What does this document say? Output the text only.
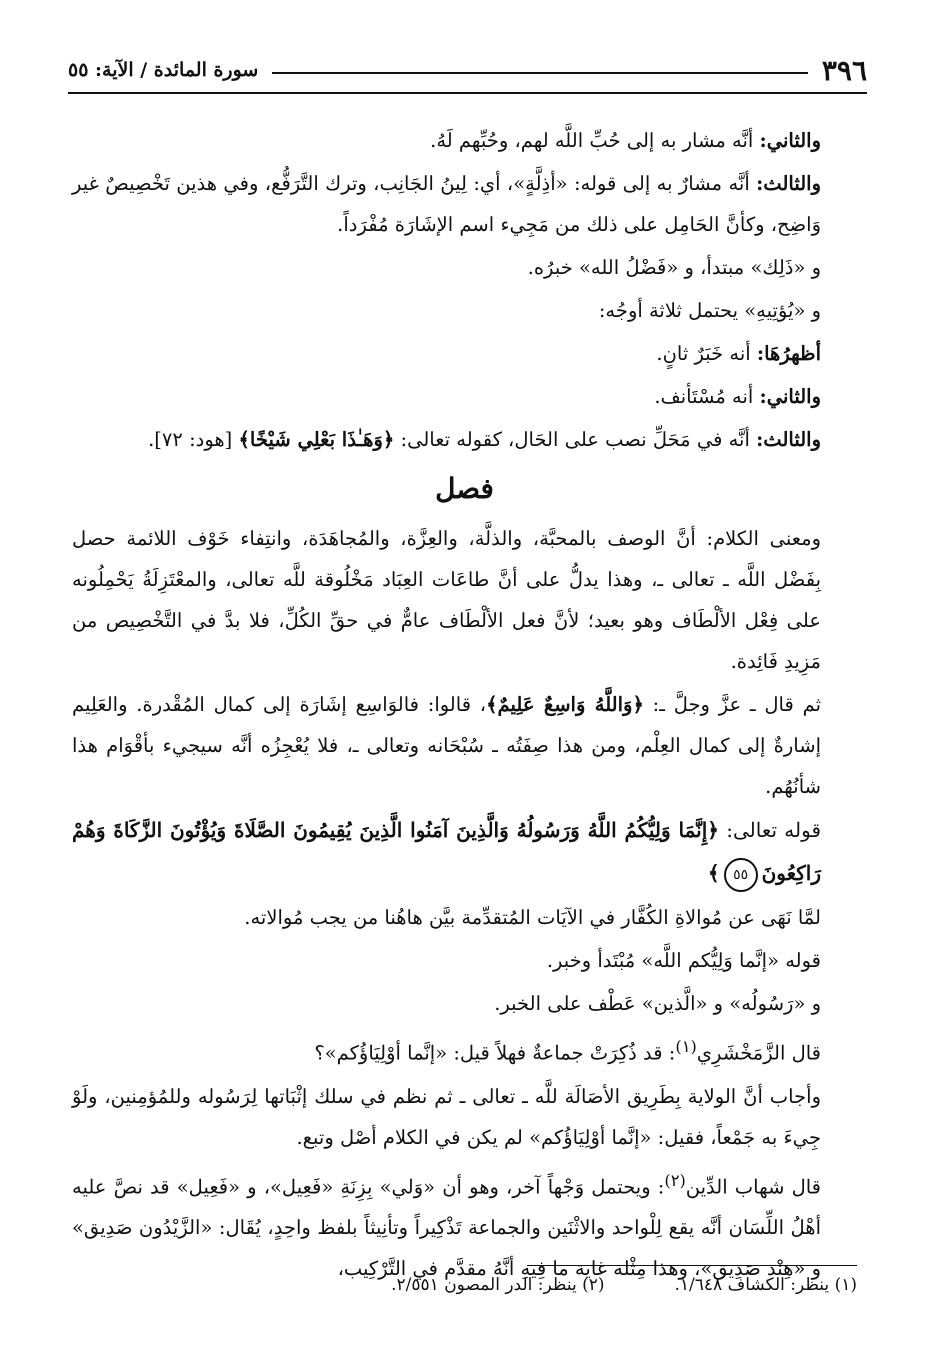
٣٩٦
سورة المائدة / الآية: ٥٥

والثاني: أنَّه مشار به إلى حُبِّ اللَّه لهم، وحُبِّهم لَهُ.

والثالث: أنَّه مشارٌ به إلى قوله: «أذِلَّةٍ»، أي: لِينُ الجَانِب، وترك التَّرَفُّع، وفي هذين تَخْصِيصٌ غير وَاضِح، وكأنَّ الحَامِل على ذلك من مَجِيء اسم الإشَارَة مُفْرَداً.

و «ذَلِك» مبتدأ، و «فَضْلُ الله» خبرُه.

و «يُؤتِيهِ» يحتمل ثلاثة أوجُه:

أظهرُهَا: أنه خَبَرٌ ثانٍ.

والثاني: أنه مُسْتَأنف.

والثالث: أنَّه في مَحَلِّ نصب على الحَال، كقوله تعالى: ﴿وَهَـٰذَا بَعْلِي شَيْخًا﴾ [هود: ٧٢].

فصل

ومعنى الكلام: أنَّ الوصف بالمحبَّة، والذلَّة، والعِزَّة، والمُجاهَدَة، وانتِفاء خَوْف اللائمة حصل بِفَضْل اللَّه ـ تعالى ـ، وهذا يدلُّ على أنَّ طاعَات العِبَاد مَخْلُوقة للَّه تعالى، والمعْتَزِلَةُ يَحْمِلُونه على فِعْل الألْطَاف وهو بعيد؛ لأنَّ فعل الألْطَاف عامٌّ في حقِّ الكُلِّ، فلا بدَّ في التَّخْصِيص من مَزِيدِ فَائِدة.

ثم قال ـ عزَّ وجلَّ ـ: ﴿وَاللَّهُ وَاسِعٌ عَلِيمٌ﴾، قالوا: فالوَاسِع إشَارَة إلى كمال المُقْدرة. والعَلِيم إشارةٌ إلى كمال العِلْم، ومن هذا صِفَتُه ـ سُبْحَانه وتعالى ـ، فلا يُعْجِزُه أنَّه سيجيء بأقْوَام هذا شأنُهُم.

قوله تعالى: ﴿إِنَّمَا وَلِيُّكُمُ اللَّهُ وَرَسُولُهُ وَالَّذِينَ آمَنُوا الَّذِينَ يُقِيمُونَ الصَّلَاةَ وَيُؤْتُونَ الزَّكَاةَ وَهُمْ رَاكِعُونَ٥٥﴾

لمَّا نَهَى عن مُوالاةِ الكُفَّار في الآيَات المُتقدِّمة بيَّن هاهُنا من يجب مُوالاته.

قوله «إنَّما وَلِيُّكم اللَّه» مُبْتَدأ وخبر.

و «رَسُولُه» و «الَّذين» عَطْف على الخبر.

قال الزَّمَخْشَرِي$^{(١)}$: قد ذُكِرَتْ جماعةٌ فهلاً قيل: «إنَّما أوْلِيَاؤُكم»؟

وأجاب أنَّ الولاية بِطَرِيق الأصَالَة للَّه ـ تعالى ـ ثم نظم في سلك إثْبَاتها لِرَسُوله وللمُؤمِنين، ولَوْ جِيءَ به جَمْعاً، فقيل: «إنَّما أوْلِيَاؤُكم» لم يكن في الكلام أصْل وتبع.

قال شهاب الدِّين$^{(٢)}$: ويحتمل وَجْهاً آخر، وهو أن «وَلي» بِزِنَةِ «فَعِيل»، و «فَعِيل» قد نصَّ عليه أهْلُ اللِّسَان أنَّه يقع لِلْواحد والاثْنَين والجماعة تَذْكِيراً وتأنِيثاً بلفظ واحِدٍ، يُقَال: «الزَّيْدُون صَدِيق» و «هِنْد صَدِيق»، وهذا مِثْله غاية ما فِيهِ أنَّهُ مقدَّم في التَّرْكِيب،

(١) ينظر: الكشاف ١/٦٤٨.
(٢) ينظر: الدر المصون ٢/٥٥١.
